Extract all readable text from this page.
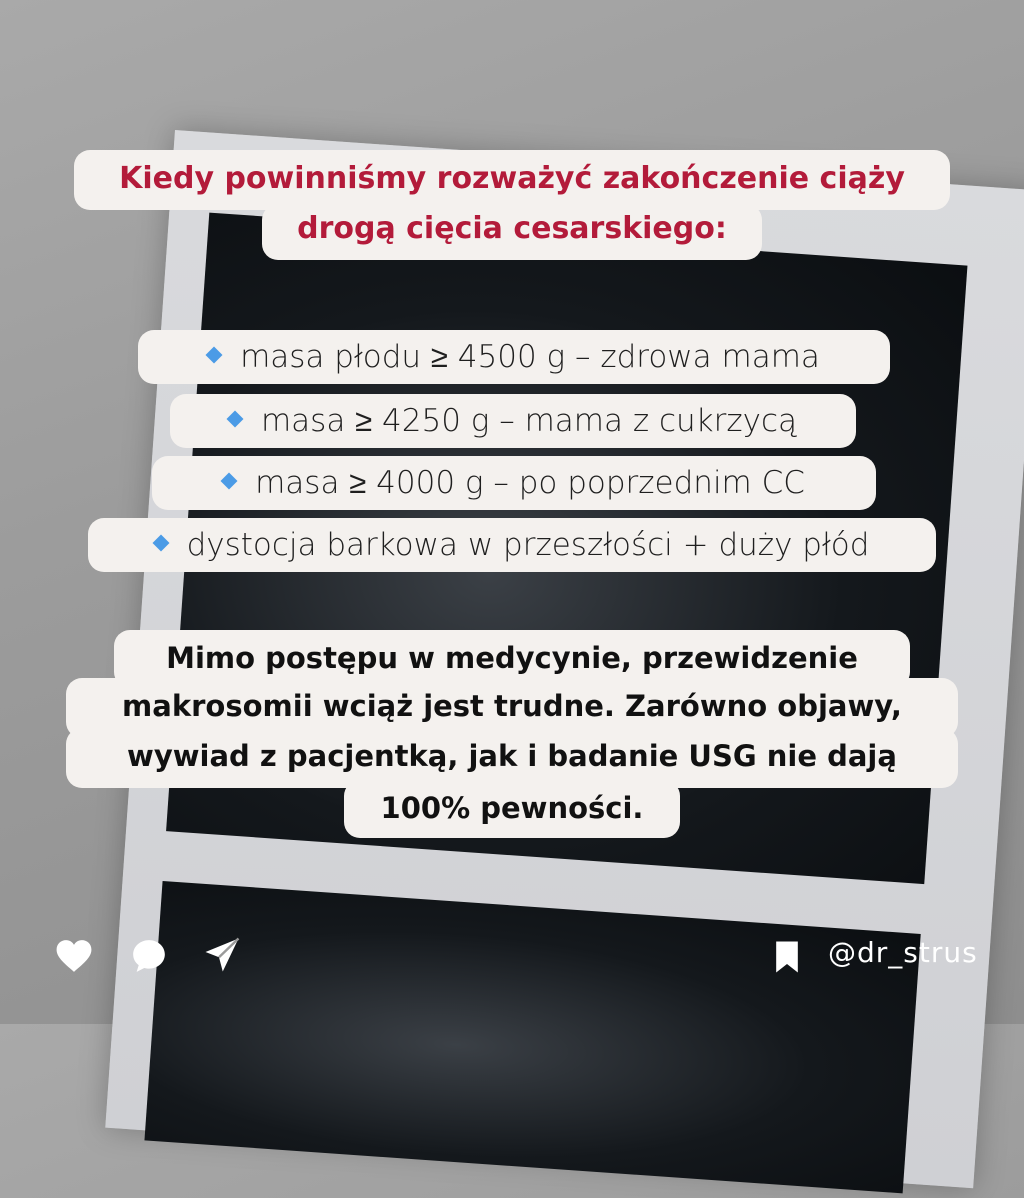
Kiedy powinniśmy rozważyć zakończenie ciąży
drogą cięcia cesarskiego:
masa płodu ≥ 4500 g – zdrowa mama
masa ≥ 4250 g – mama z cukrzycą
masa ≥ 4000 g – po poprzednim CC
dystocja barkowa w przeszłości + duży płód
Mimo postępu w medycynie, przewidzenie
makrosomii wciąż jest trudne. Zarówno objawy,
wywiad z pacjentką, jak i badanie USG nie dają
100% pewności.
@dr_strus
